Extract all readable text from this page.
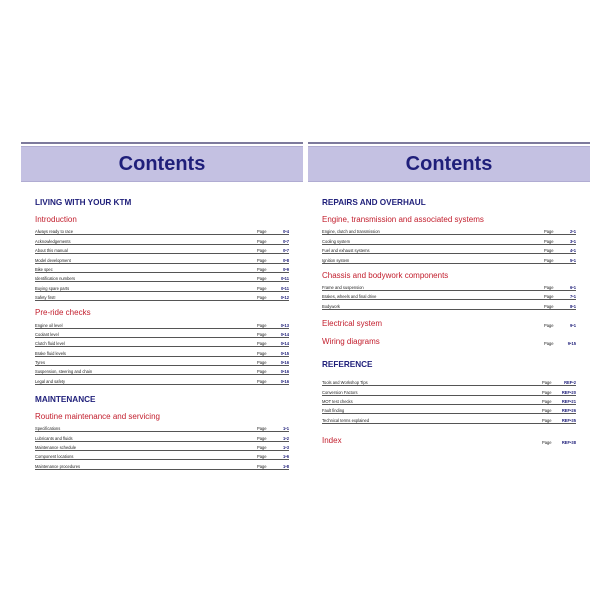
Contents
LIVING WITH YOUR KTM
Introduction
Always ready to race	Page	0•4
Acknowledgements	Page	0•7
About this manual	Page	0•7
Model development	Page	0•8
Bike spec	Page	0•9
Identification numbers	Page	0•11
Buying spare parts	Page	0•11
Safety first!	Page	0•12
Pre-ride checks
Engine oil level	Page	0•13
Coolant level	Page	0•14
Clutch fluid level	Page	0•14
Brake fluid levels	Page	0•15
Tyres	Page	0•16
Suspension, steering and chain	Page	0•16
Legal and safety	Page	0•16
MAINTENANCE
Routine maintenance and servicing
Specifications	Page	1•1
Lubricants and fluids	Page	1•2
Maintenance schedule	Page	1•3
Component locations	Page	1•6
Maintenance procedures	Page	1•8
Contents
REPAIRS AND OVERHAUL
Engine, transmission and associated systems
Engine, clutch and transmission	Page	2•1
Cooling system	Page	3•1
Fuel and exhaust systems	Page	4•1
Ignition system	Page	5•1
Chassis and bodywork components
Frame and suspension	Page	6•1
Brakes, wheels and final drive	Page	7•1
Bodywork	Page	8•1
Electrical system	Page	9•1
Wiring diagrams	Page	9•15
REFERENCE
Tools and Workshop Tips	Page	REF•2
Conversion Factors	Page	REF•20
MOT test checks	Page	REF•21
Fault finding	Page	REF•26
Technical terms explained	Page	REF•35
Index	Page	REF•38
